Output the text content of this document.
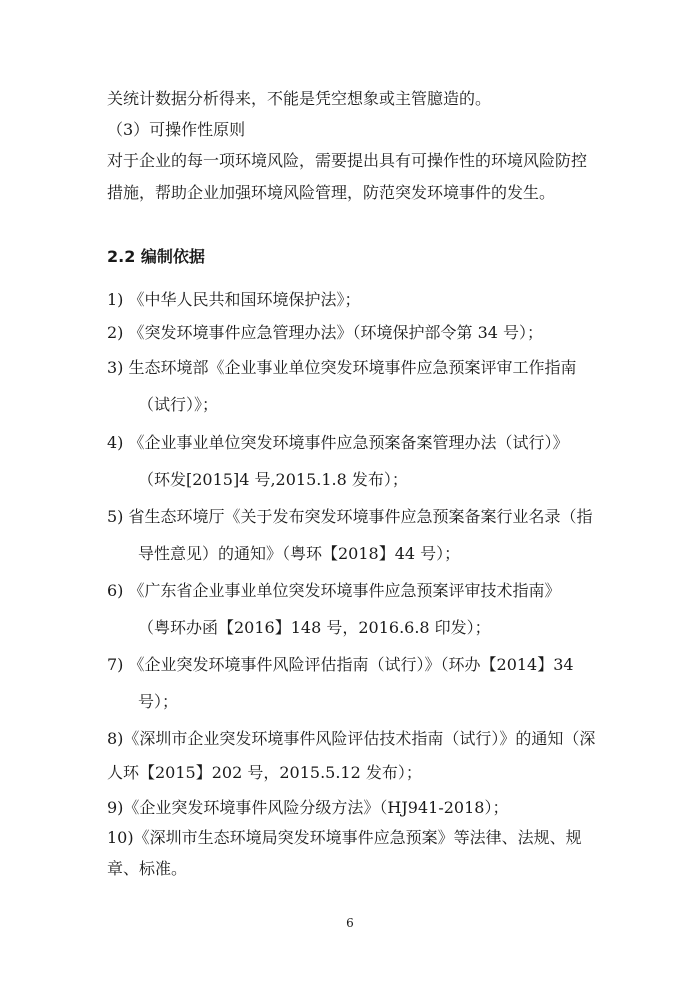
关统计数据分析得来，不能是凭空想象或主管臆造的。

（3）可操作性原则

对于企业的每一项环境风险，需要提出具有可操作性的环境风险防控

措施，帮助企业加强环境风险管理，防范突发环境事件的发生。

2.2 编制依据

1) 《中华人民共和国环境保护法》；

2) 《突发环境事件应急管理办法》（环境保护部令第 34 号）；

3) 生态环境部《企业事业单位突发环境事件应急预案评审工作指南

（试行）》；

4) 《企业事业单位突发环境事件应急预案备案管理办法（试行）》

（环发[2015]4 号,2015.1.8 发布）；

5) 省生态环境厅《关于发布突发环境事件应急预案备案行业名录（指

导性意见）的通知》（粤环【2018】44 号）；

6) 《广东省企业事业单位突发环境事件应急预案评审技术指南》

（粤环办函【2016】148 号，2016.6.8 印发）；

7) 《企业突发环境事件风险评估指南（试行）》（环办【2014】34

号）；

8)《深圳市企业突发环境事件风险评估技术指南（试行）》的通知（深

人环【2015】202 号，2015.5.12 发布）；

9)《企业突发环境事件风险分级方法》（HJ941-2018）；

10)《深圳市生态环境局突发环境事件应急预案》等法律、法规、规

章、标准。

6
